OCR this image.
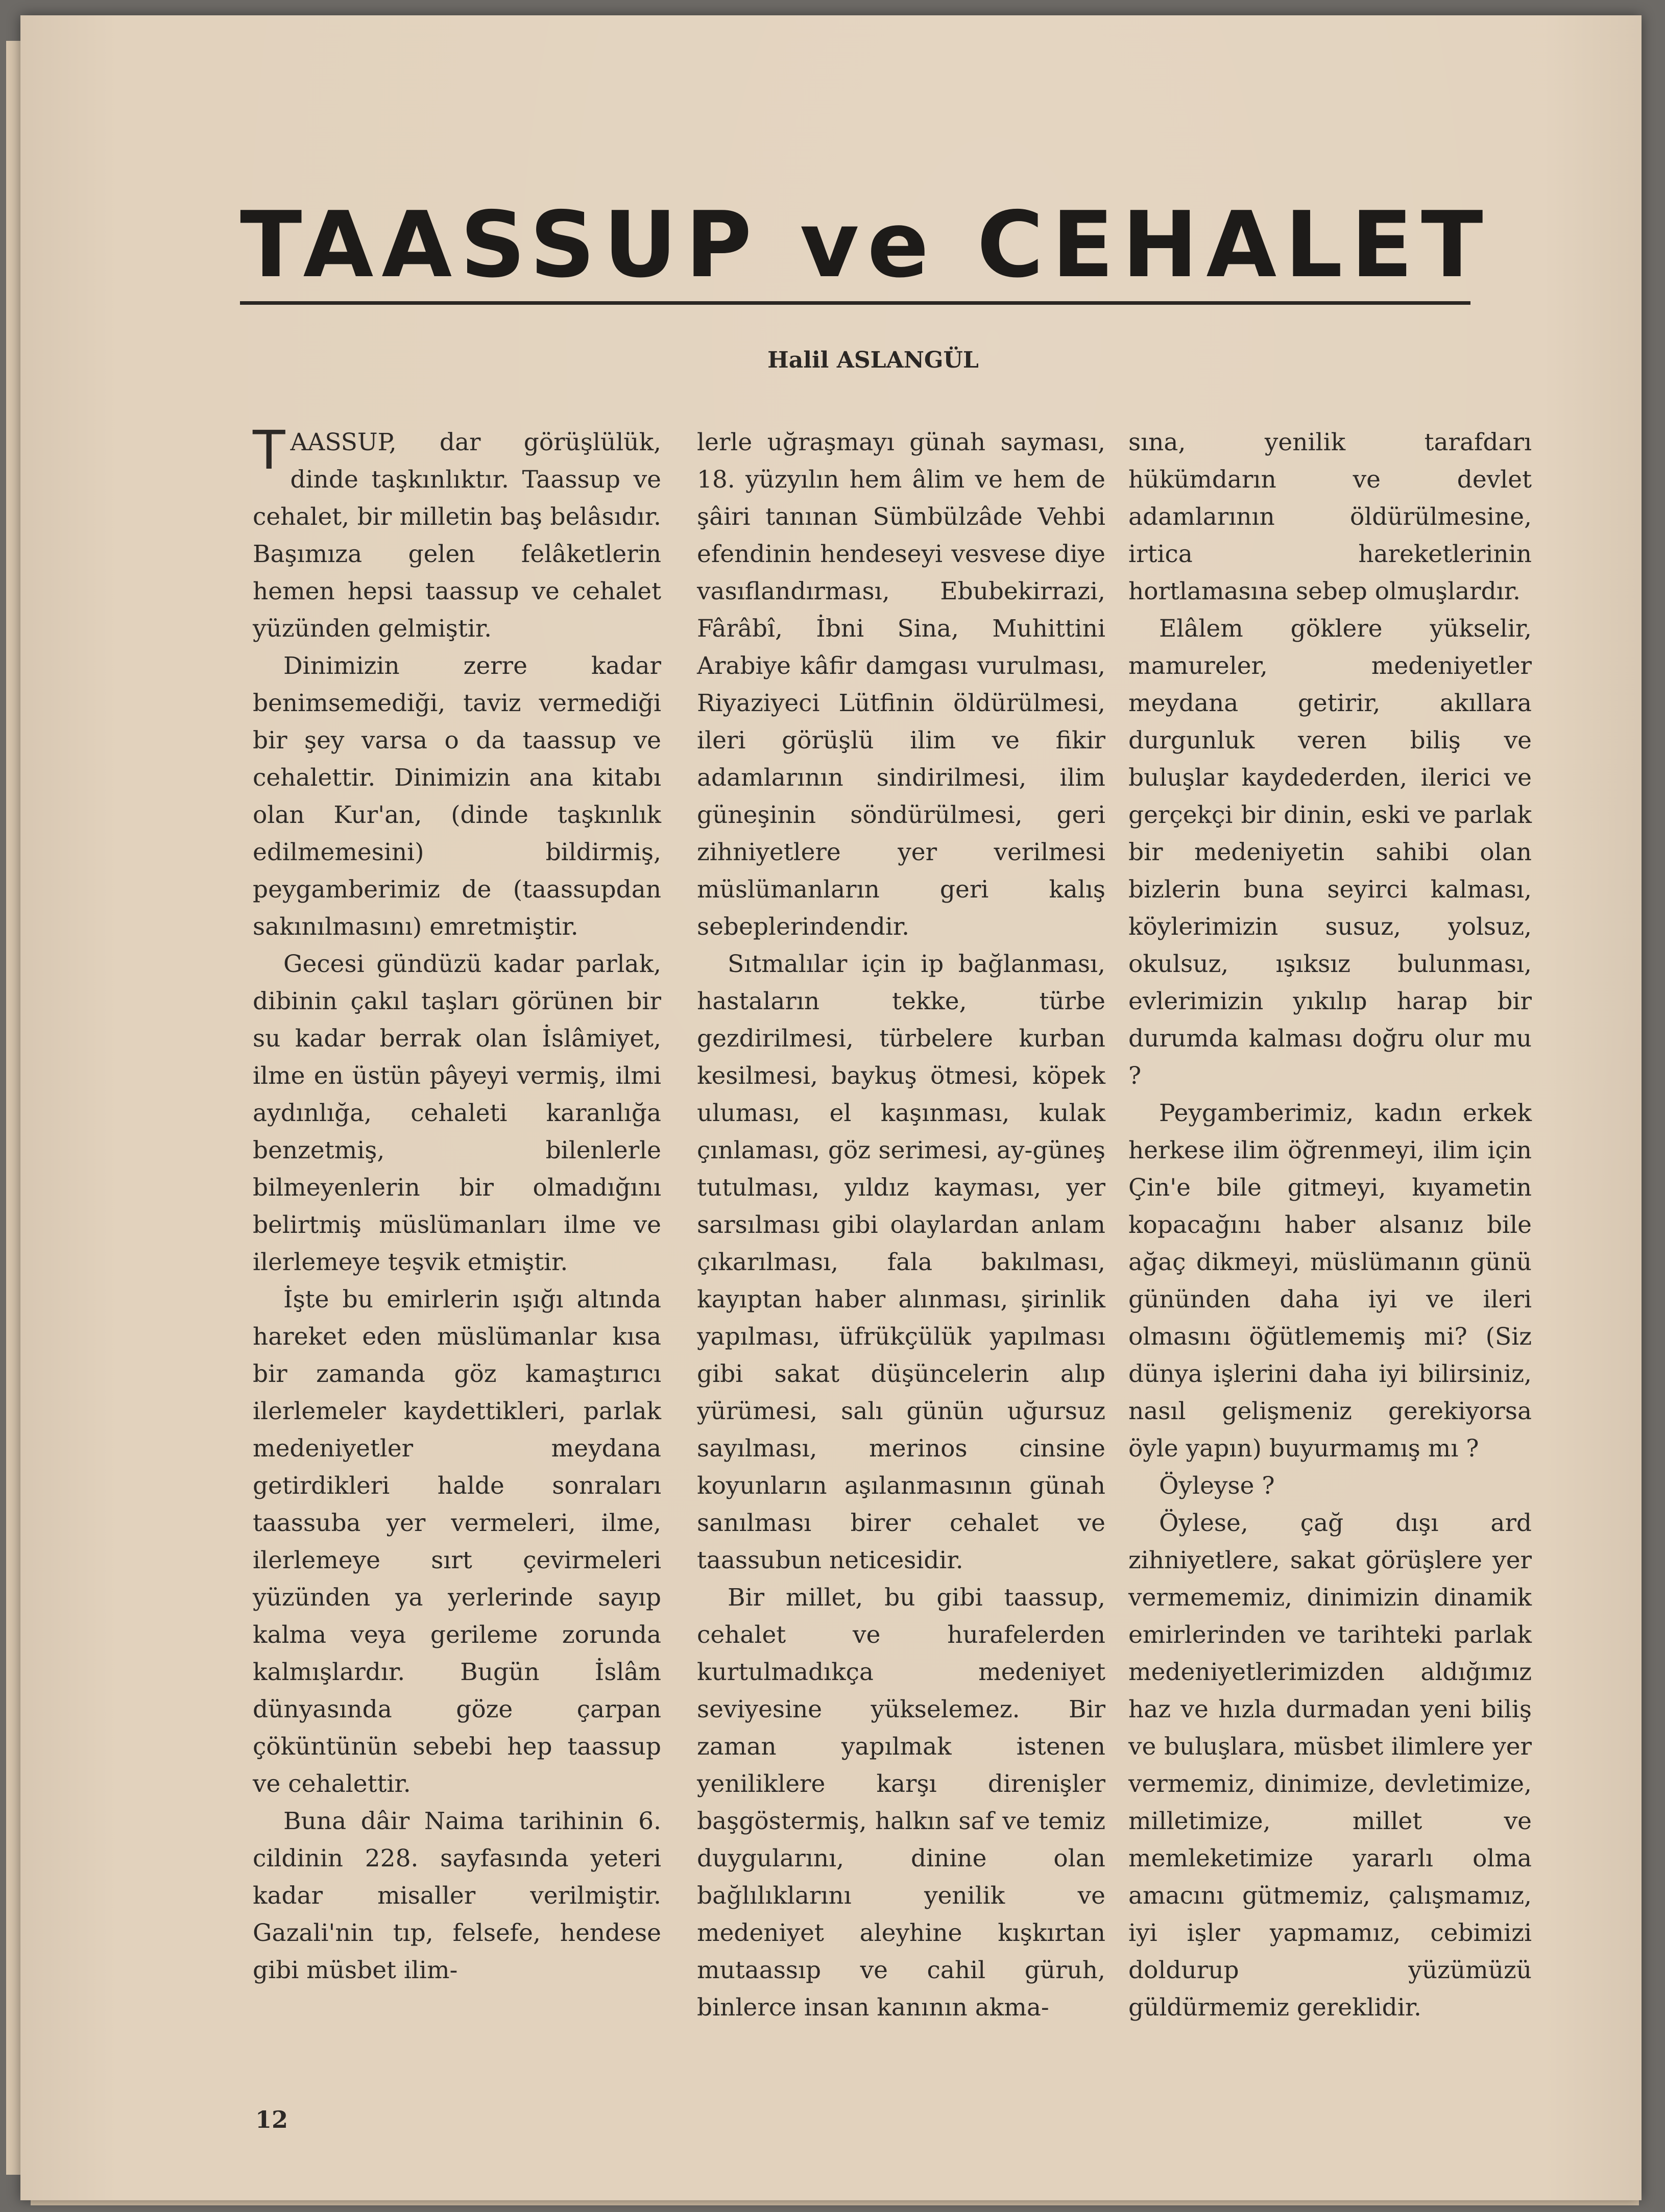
TAASSUP ve CEHALET
Halil ASLANGÜL

TAASSUP, dar görüşlülük, dinde taşkınlıktır. Taassup ve cehalet, bir milletin baş belâsıdır. Başımıza gelen felâketlerin hemen hepsi taassup ve cehalet yüzünden gelmiştir.

Dinimizin zerre kadar benimsemediği, taviz vermediği bir şey varsa o da taassup ve cehalettir. Dinimizin ana kitabı olan Kur'an, (dinde taşkınlık edilmemesini) bildirmiş, peygamberimiz de (taassupdan sakınılmasını) emretmiştir.

Gecesi gündüzü kadar parlak, dibinin çakıl taşları görünen bir su kadar berrak olan İslâmiyet, ilme en üstün pâyeyi vermiş, ilmi aydınlığa, cehaleti karanlığa benzetmiş, bilenlerle bilmeyenlerin bir olmadığını belirtmiş müslümanları ilme ve ilerlemeye teşvik etmiştir.

İşte bu emirlerin ışığı altında hareket eden müslümanlar kısa bir zamanda göz kamaştırıcı ilerlemeler kaydettikleri, parlak medeniyetler meydana getirdikleri halde sonraları taassuba yer vermeleri, ilme, ilerlemeye sırt çevirmeleri yüzünden ya yerlerinde sayıp kalma veya gerileme zorunda kalmışlardır. Bugün İslâm dünyasında göze çarpan çöküntünün sebebi hep taassup ve cehalettir.

Buna dâir Naima tarihinin 6. cildinin 228. sayfasında yeteri kadar misaller verilmiştir. Gazali'nin tıp, felsefe, hendese gibi müsbet ilim-

lerle uğraşmayı günah sayması, 18. yüzyılın hem âlim ve hem de şâiri tanınan Sümbülzâde Vehbi efendinin hendeseyi vesvese diye vasıflandırması, Ebubekirrazi, Fârâbî, İbni Sina, Muhittini Arabiye kâfir damgası vurulması, Riyaziyeci Lütfinin öldürülmesi, ileri görüşlü ilim ve fikir adamlarının sindirilmesi, ilim güneşinin söndürülmesi, geri zihniyetlere yer verilmesi müslümanların geri kalış sebeplerindendir.

Sıtmalılar için ip bağlanması, hastaların tekke, türbe gezdirilmesi, türbelere kurban kesilmesi, baykuş ötmesi, köpek uluması, el kaşınması, kulak çınlaması, göz serimesi, ay-güneş tutulması, yıldız kayması, yer sarsılması gibi olaylardan anlam çıkarılması, fala bakılması, kayıptan haber alınması, şirinlik yapılması, üfrükçülük yapılması gibi sakat düşüncelerin alıp yürümesi, salı günün uğursuz sayılması, merinos cinsine koyunların aşılanmasının günah sanılması birer cehalet ve taassubun neticesidir.

Bir millet, bu gibi taassup, cehalet ve hurafelerden kurtulmadıkça medeniyet seviyesine yükselemez. Bir zaman yapılmak istenen yeniliklere karşı direnişler başgöstermiş, halkın saf ve temiz duygularını, dinine olan bağlılıklarını yenilik ve medeniyet aleyhine kışkırtan mutaassıp ve cahil güruh, binlerce insan kanının akma-

sına, yenilik tarafdarı hükümdarın ve devlet adamlarının öldürülmesine, irtica hareketlerinin hortlamasına sebep olmuşlardır.

Elâlem göklere yükselir, mamureler, medeniyetler meydana getirir, akıllara durgunluk veren biliş ve buluşlar kaydederden, ilerici ve gerçekçi bir dinin, eski ve parlak bir medeniyetin sahibi olan bizlerin buna seyirci kalması, köylerimizin susuz, yolsuz, okulsuz, ışıksız bulunması, evlerimizin yıkılıp harap bir durumda kalması doğru olur mu ?

Peygamberimiz, kadın erkek herkese ilim öğrenmeyi, ilim için Çin'e bile gitmeyi, kıyametin kopacağını haber alsanız bile ağaç dikmeyi, müslümanın günü gününden daha iyi ve ileri olmasını öğütlememiş mi? (Siz dünya işlerini daha iyi bilirsiniz, nasıl gelişmeniz gerekiyorsa öyle yapın) buyurmamış mı ?

Öyleyse ?

Öylese, çağ dışı ard zihniyetlere, sakat görüşlere yer vermememiz, dinimizin dinamik emirlerinden ve tarihteki parlak medeniyetlerimizden aldığımız haz ve hızla durmadan yeni biliş ve buluşlara, müsbet ilimlere yer vermemiz, dinimize, devletimize, milletimize, millet ve memleketimize yararlı olma amacını gütmemiz, çalışmamız, iyi işler yapmamız, cebimizi doldurup yüzümüzü güldürmemiz gereklidir.

12
